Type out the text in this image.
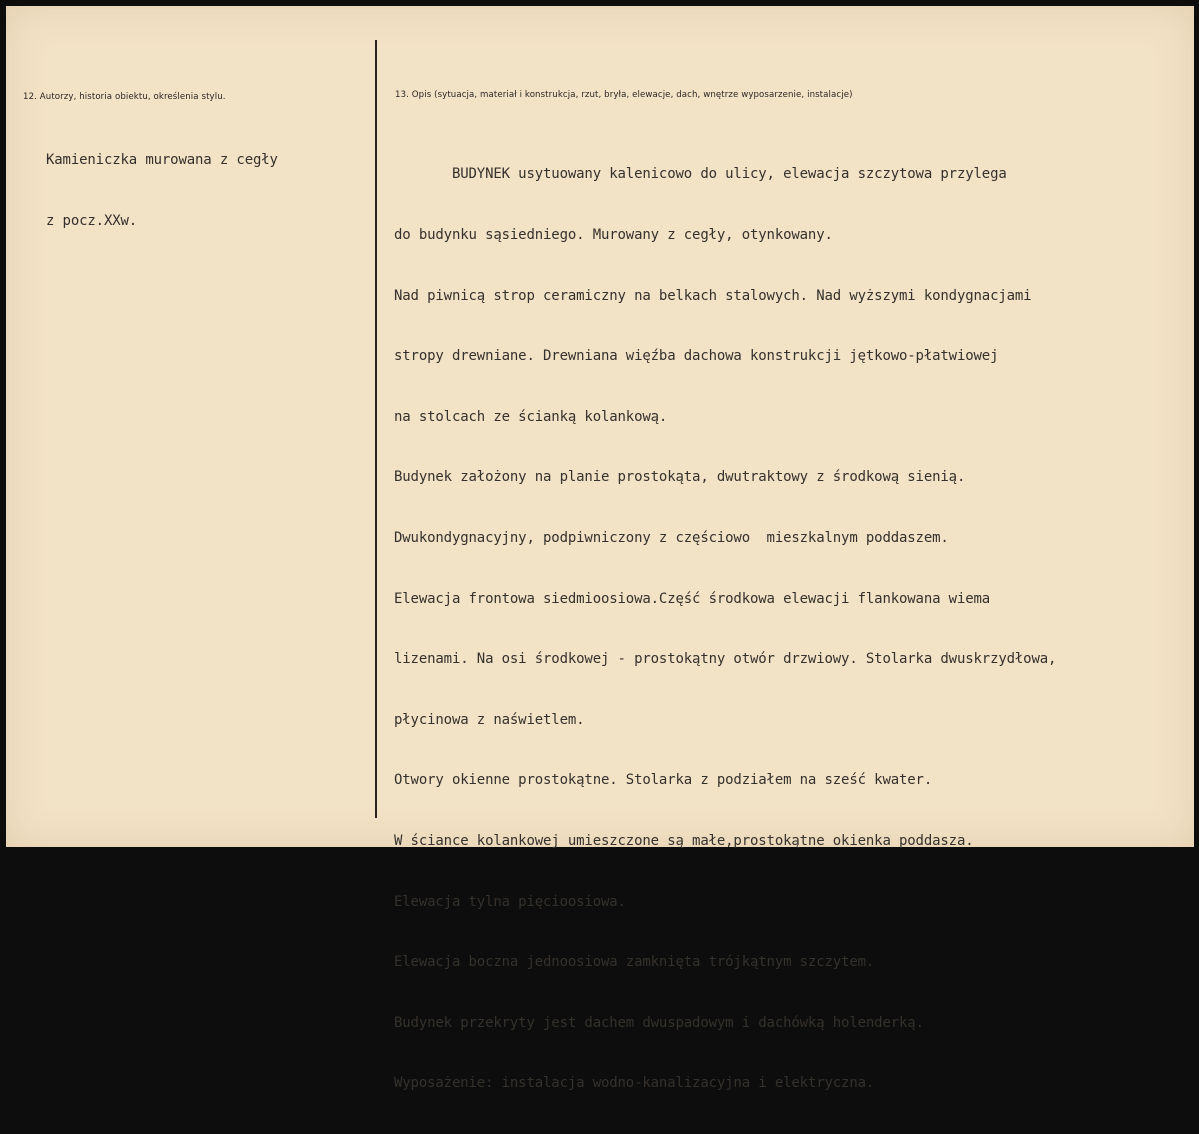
12. Autorzy, historia obiektu, określenia stylu.

Kamieniczka murowana z cegły

z pocz.XXw.

13. Opis (sytuacja, materiał i konstrukcja, rzut, bryła, elewacje, dach, wnętrze wyposarzenie, instalacje)

BUDYNEK usytuowany kalenicowo do ulicy, elewacja szczytowa przylega

do budynku sąsiedniego. Murowany z cegły, otynkowany.

Nad piwnicą strop ceramiczny na belkach stalowych. Nad wyższymi kondygnacjami

stropy drewniane. Drewniana więźba dachowa konstrukcji jętkowo-płatwiowej

na stolcach ze ścianką kolankową.

Budynek założony na planie prostokąta, dwutraktowy z środkową sienią.

Dwukondygnacyjny, podpiwniczony z częściowo  mieszkalnym poddaszem.

Elewacja frontowa siedmioosiowa.Część środkowa elewacji flankowana wiema

lizenami. Na osi środkowej - prostokątny otwór drzwiowy. Stolarka dwuskrzydłowa,

płycinowa z naświetlem.

Otwory okienne prostokątne. Stolarka z podziałem na sześć kwater.

W ściance kolankowej umieszczone są małe,prostokątne okienka poddasza.

Elewacja tylna pięcioosiowa.

Elewacja boczna jednoosiowa zamknięta trójkątnym szczytem.

Budynek przekryty jest dachem dwuspadowym i dachówką holenderką.

Wyposażenie: instalacja wodno-kanalizacyjna i elektryczna.
